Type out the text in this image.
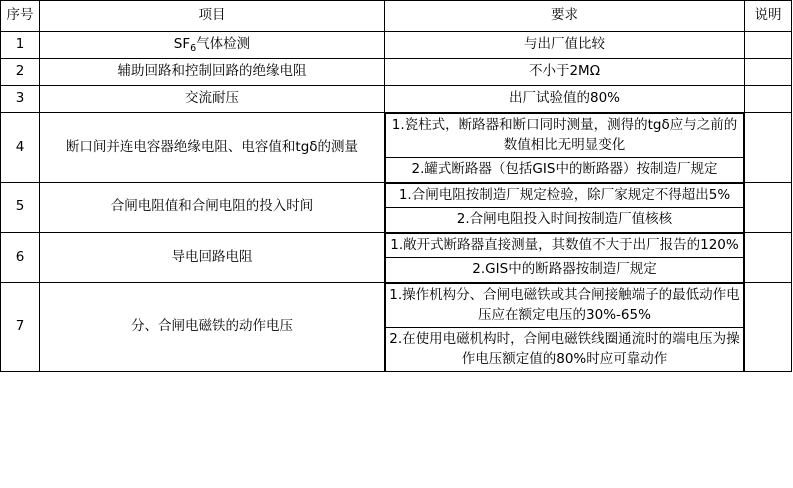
序号	项目	要求	说明
1	$SF_6$气体检测	与出厂值比较	
2	辅助回路和控制回路的绝缘电阻	不小于2MΩ	
3	交流耐压	出厂试验值的80%	
4	断口间并连电容器绝缘电阻、电容值和tgδ的测量	
1.瓷柱式，断路器和断口同时测量，测得的tgδ应与之前的数值相比无明显变化
2.罐式断路器（包括GIS中的断路器）按制造厂规定

5	合闸电阻值和合闸电阻的投入时间	
1.合闸电阻按制造厂规定检验，除厂家规定不得超出5%
2.合闸电阻投入时间按制造厂值核核

6	导电回路电阻	
1.敞开式断路器直接测量，其数值不大于出厂报告的120%
2.GIS中的断路器按制造厂规定

7	分、合闸电磁铁的动作电压	
1.操作机构分、合闸电磁铁或其合闸接触端子的最低动作电压应在额定电压的30%-65%
2.在使用电磁机构时，合闸电磁铁线圈通流时的端电压为操作电压额定值的80%时应可靠动作
